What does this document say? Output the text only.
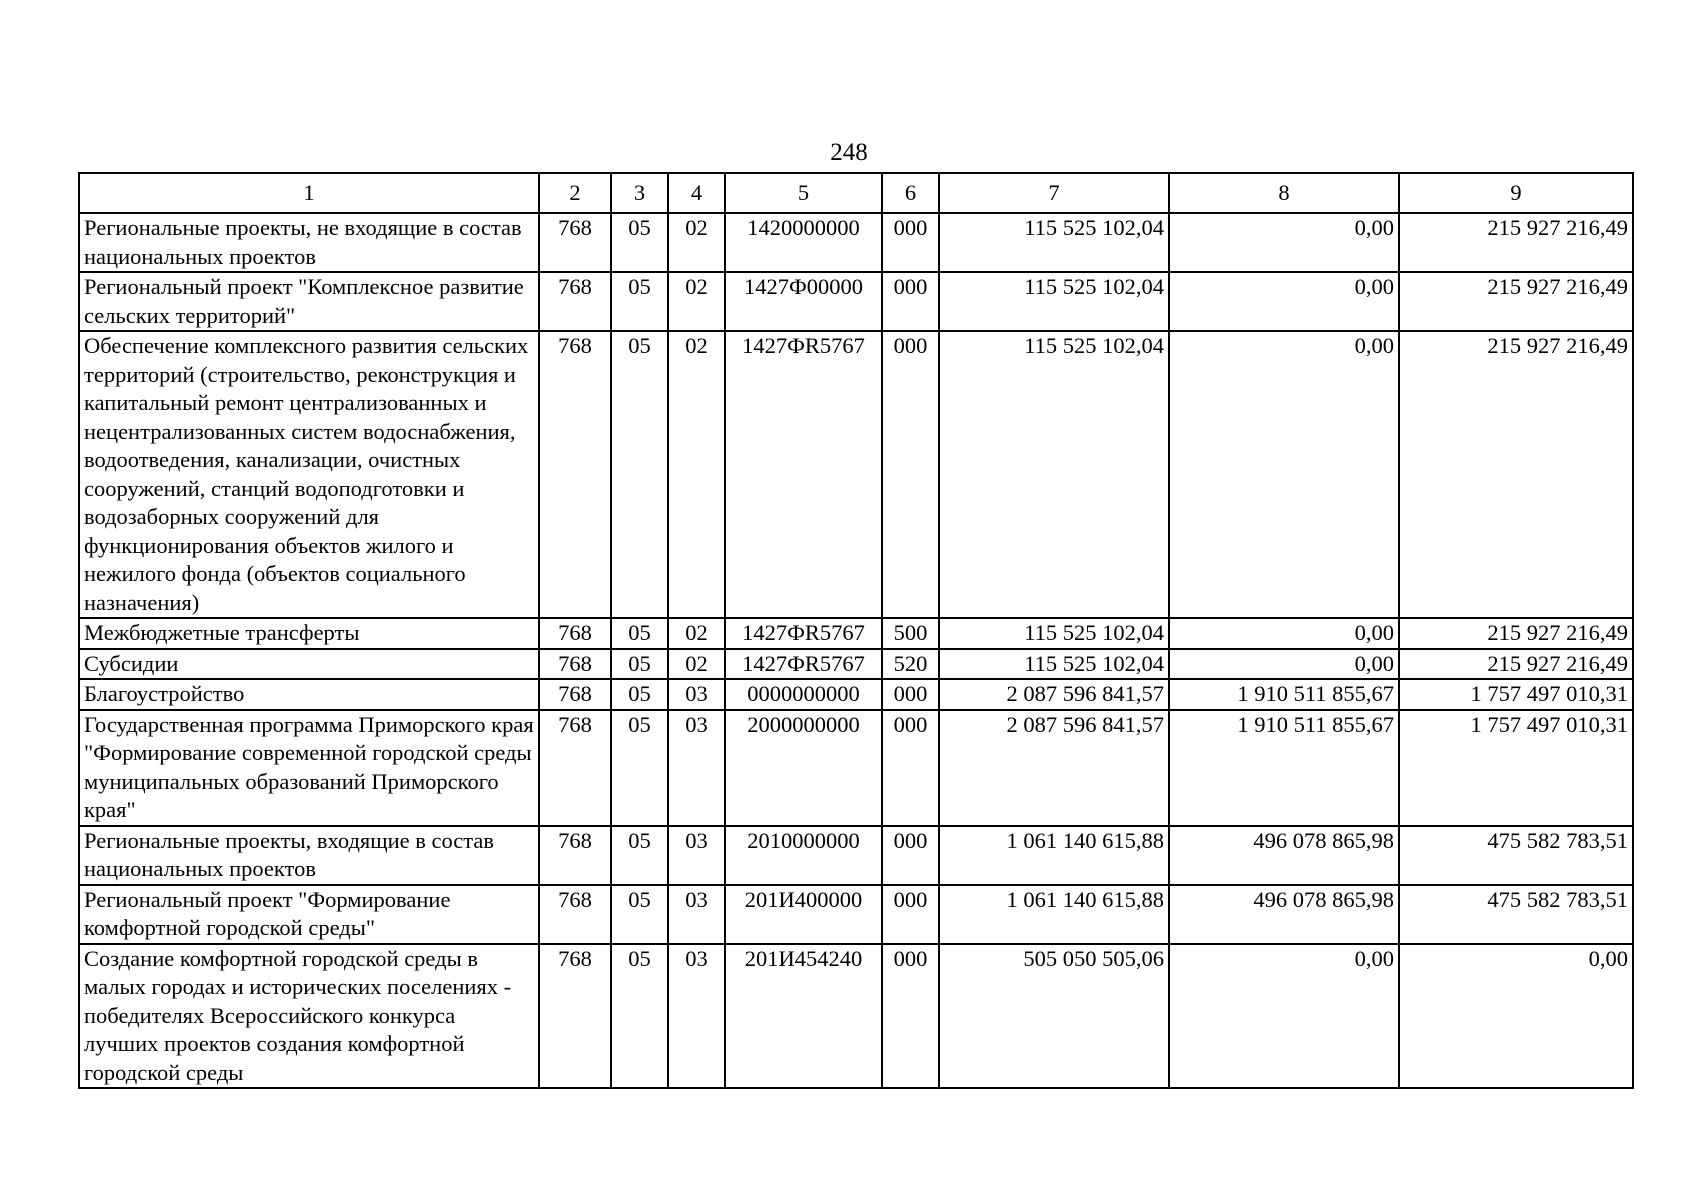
248
1	2	3	4	5	6	7	8	9
Региональные проекты, не входящие в состав национальных проектов	768	05	02	1420000000	000	115 525 102,04	0,00	215 927 216,49
Региональный проект "Комплексное развитие сельских территорий"	768	05	02	1427Ф00000	000	115 525 102,04	0,00	215 927 216,49
Обеспечение комплексного развития сельских территорий (строительство, реконструкция и капитальный ремонт централизованных и нецентрализованных систем водоснабжения, водоотведения, канализации, очистных сооружений, станций водоподготовки и водозаборных сооружений для функционирования объектов жилого и нежилого фонда (объектов социального назначения)	768	05	02	1427ФR5767	000	115 525 102,04	0,00	215 927 216,49
Межбюджетные трансферты	768	05	02	1427ФR5767	500	115 525 102,04	0,00	215 927 216,49
Субсидии	768	05	02	1427ФR5767	520	115 525 102,04	0,00	215 927 216,49
Благоустройство	768	05	03	0000000000	000	2 087 596 841,57	1 910 511 855,67	1 757 497 010,31
Государственная программа Приморского края "Формирование современной городской среды муниципальных образований Приморского края"	768	05	03	2000000000	000	2 087 596 841,57	1 910 511 855,67	1 757 497 010,31
Региональные проекты, входящие в состав национальных проектов	768	05	03	2010000000	000	1 061 140 615,88	496 078 865,98	475 582 783,51
Региональный проект "Формирование комфортной городской среды"	768	05	03	201И400000	000	1 061 140 615,88	496 078 865,98	475 582 783,51
Создание комфортной городской среды в малых городах и исторических поселениях - победителях Всероссийского конкурса лучших проектов создания комфортной городской среды	768	05	03	201И454240	000	505 050 505,06	0,00	0,00
